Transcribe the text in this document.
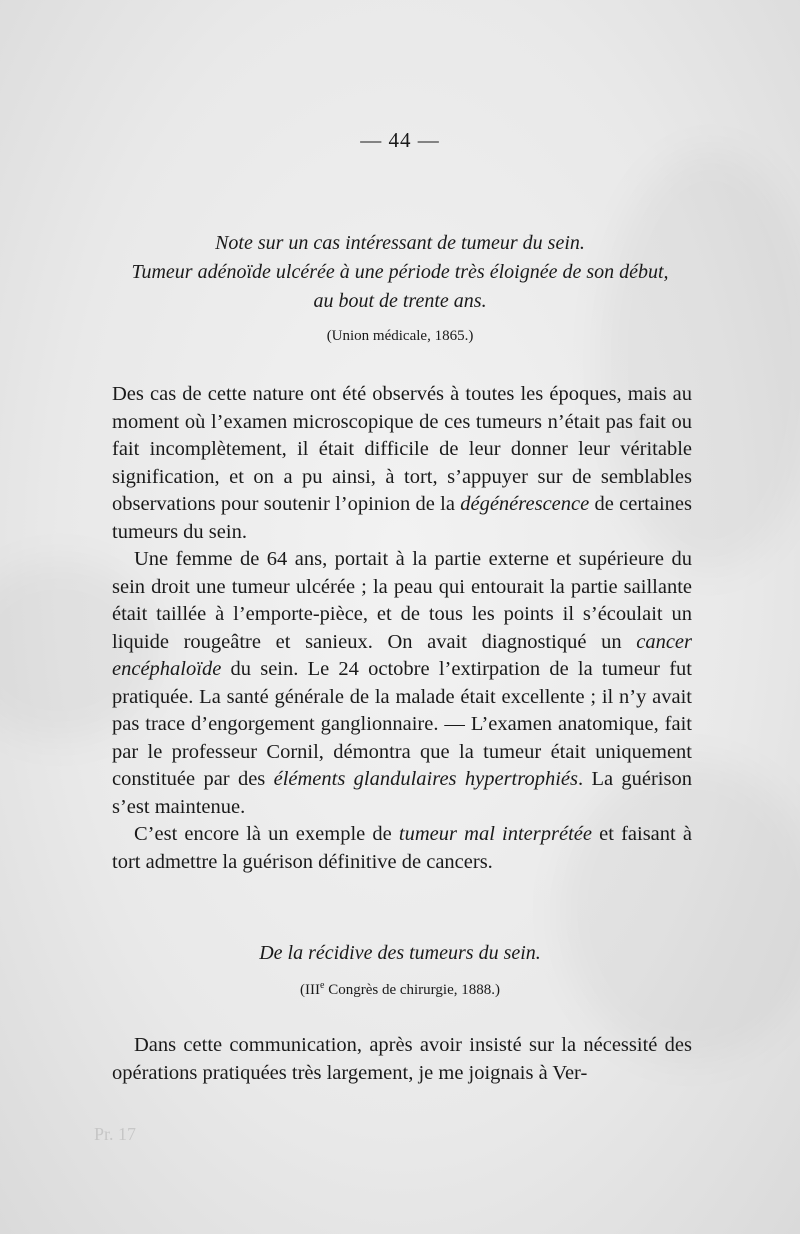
— 44 —

Note sur un cas intéressant de tumeur du sein.

Tumeur adénoïde ulcérée à une période très éloignée de son début,

au bout de trente ans.

(Union médicale, 1865.)

Des cas de cette nature ont été observés à toutes les époques, mais au moment où l’examen microscopique de ces tumeurs n’était pas fait ou fait incomplètement, il était difficile de leur donner leur véritable signification, et on a pu ainsi, à tort, s’appuyer sur de semblables observations pour soutenir l’opinion de la dégénérescence de certaines tumeurs du sein.

Une femme de 64 ans, portait à la partie externe et supérieure du sein droit une tumeur ulcérée ; la peau qui entourait la partie saillante était taillée à l’emporte-pièce, et de tous les points il s’écoulait un liquide rougeâtre et sanieux. On avait diagnostiqué un cancer encéphaloïde du sein. Le 24 octobre l’extirpation de la tumeur fut pratiquée. La santé générale de la malade était excellente ; il n’y avait pas trace d’engorgement ganglionnaire. — L’examen anatomique, fait par le professeur Cornil, démontra que la tumeur était uniquement constituée par des éléments glandulaires hypertrophiés. La guérison s’est maintenue.

C’est encore là un exemple de tumeur mal interprétée et faisant à tort admettre la guérison définitive de cancers.

De la récidive des tumeurs du sein.

(IIIe Congrès de chirurgie, 1888.)

Dans cette communication, après avoir insisté sur la nécessité des opérations pratiquées très largement, je me joignais à Ver-

Pr. 17
